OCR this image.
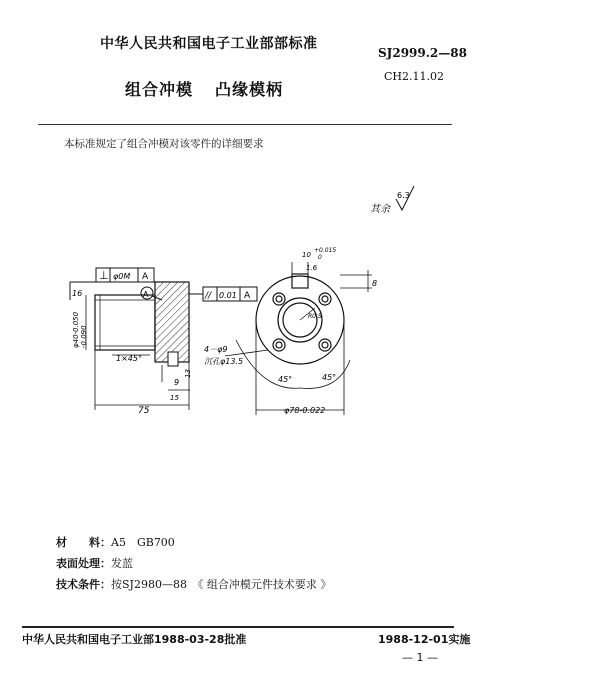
中华人民共和国电子工业部部标准
SJ2999.2—88
CH2.11.02
组合冲模 凸缘模柄
本标准规定了组合冲模对该零件的详细要求
其余
6.3
⊥ φ0M A
// 0.01 A
A
16
φ40-0.050 -0.090
1×45°
75
9
13
15
10
+0.015
0
1.6
8
R0.5
4－φ9
沉孔φ13.5
45°	45°
φ78-0.022
材　　料：A5　GB700
表面处理：发蓝
技术条件：按SJ2980—88　《 组合冲模元件技术要求 》
中华人民共和国电子工业部1988-03-28批准	1988-12-01实施
— 1 —
